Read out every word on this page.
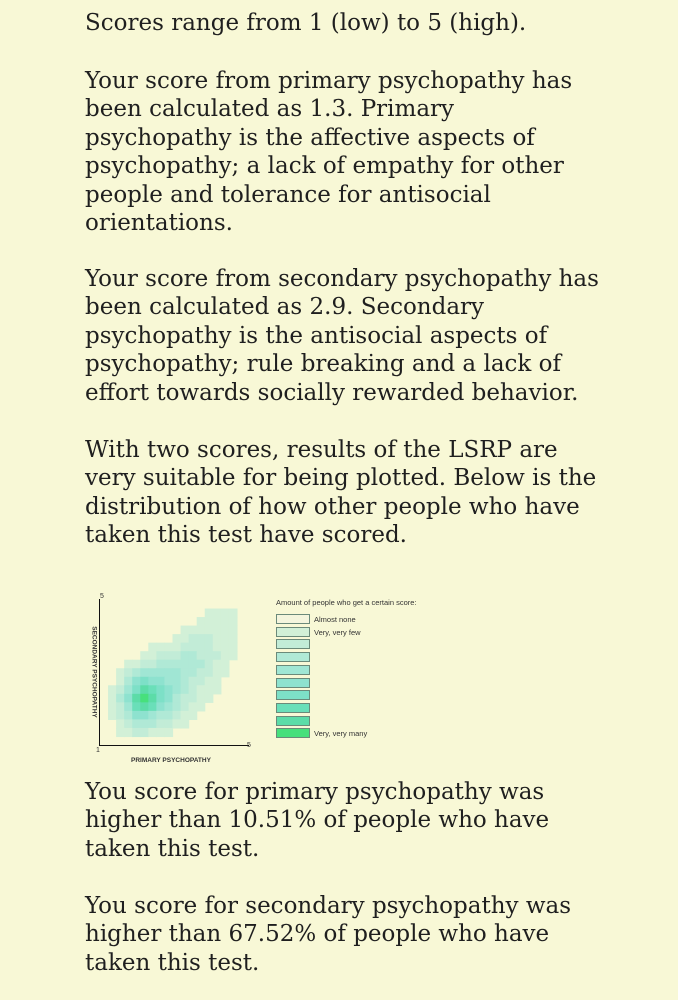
Scores range from 1 (low) to 5 (high).

Your score from primary psychopathy has been calculated as 1.3. Primary psychopathy is the affective aspects of psychopathy; a lack of empathy for other people and tolerance for antisocial orientations.

Your score from secondary psychopathy has been calculated as 2.9. Secondary psychopathy is the antisocial aspects of psychopathy; rule breaking and a lack of effort towards socially rewarded behavior.

With two scores, results of the LSRP are very suitable for being plotted. Below is the distribution of how other people who have taken this test have scored.

5
1
5
SECONDARY PSYCHOPATHY
PRIMARY PSYCHOPATHY
Amount of people who get a certain score:
Almost none
Very, very few
Very, very many

You score for primary psychopathy was higher than 10.51% of people who have taken this test.

You score for secondary psychopathy was higher than 67.52% of people who have taken this test.
